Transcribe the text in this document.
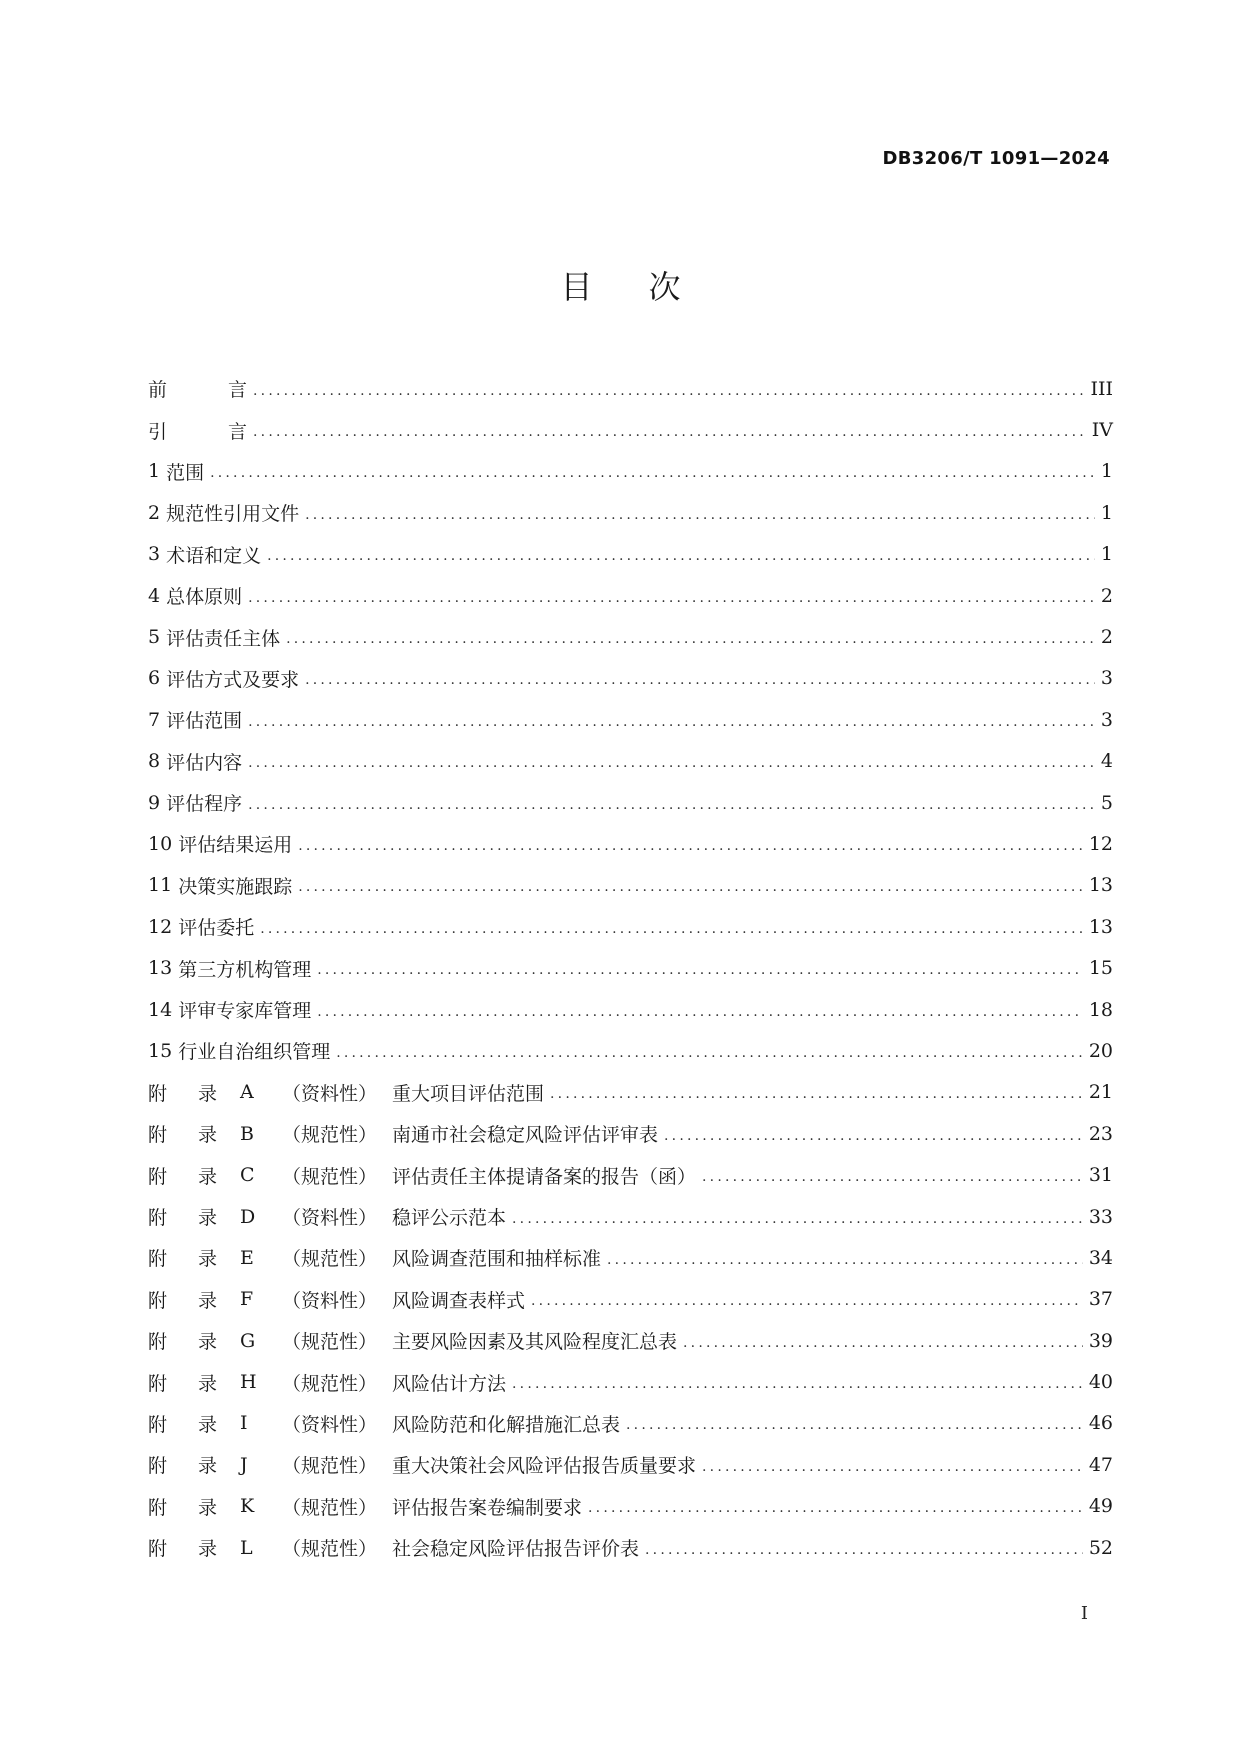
DB3206/T 1091—2024
目 次
前	言 .....	III
引	言 .....	IV
1 范围 .....	1
2 规范性引用文件 .....	1
3 术语和定义 .....	1
4 总体原则 .....	2
5 评估责任主体 .....	2
6 评估方式及要求 .....	3
7 评估范围 .....	3
8 评估内容 .....	4
9 评估程序 .....	5
10 评估结果运用 .....	12
11 决策实施跟踪 .....	13
12 评估委托 .....	13
13 第三方机构管理 .....	15
14 评审专家库管理 .....	18
15 行业自治组织管理 .....	20
附	录	A	（资料性） 重大项目评估范围 .....	21
附	录	B	（规范性） 南通市社会稳定风险评估评审表 .....	23
附	录	C	（规范性） 评估责任主体提请备案的报告（函） .....	31
附	录	D	（资料性） 稳评公示范本 .....	33
附	录	E	（规范性） 风险调查范围和抽样标准 .....	34
附	录	F	（资料性） 风险调查表样式 .....	37
附	录	G	（规范性） 主要风险因素及其风险程度汇总表 .....	39
附	录	H	（规范性） 风险估计方法 .....	40
附	录	I	（资料性） 风险防范和化解措施汇总表 .....	46
附	录	J	（规范性） 重大决策社会风险评估报告质量要求 .....	47
附	录	K	（规范性） 评估报告案卷编制要求 .....	49
附	录	L	（规范性） 社会稳定风险评估报告评价表 .....	52
I
